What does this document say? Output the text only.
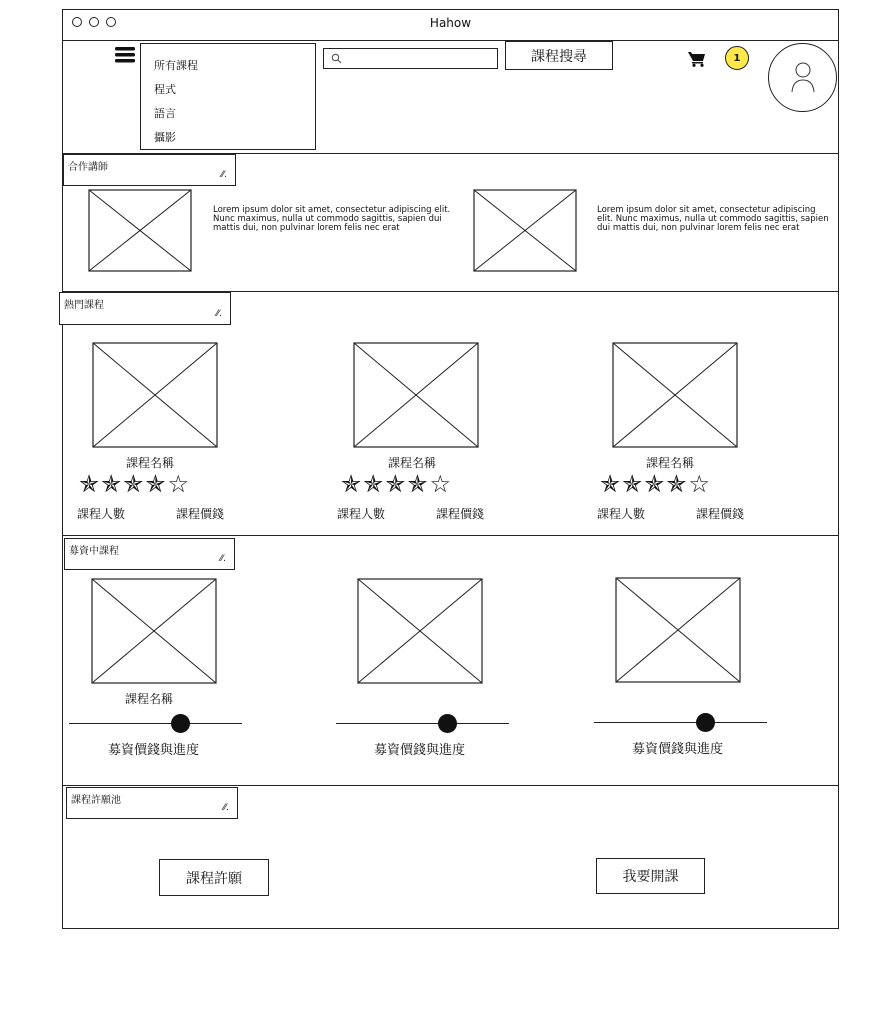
Hahow
所有課程
程式
語言
攝影
課程搜尋	1
合作講師
⁄⁄.
Lorem ipsum dolor sit amet, consectetur adipiscing elit. Nunc maximus, nulla ut commodo sagittis, sapien dui mattis dui, non pulvinar lorem felis nec erat
Lorem ipsum dolor sit amet, consectetur adipiscing elit. Nunc maximus, nulla ut commodo sagittis, sapien dui mattis dui, non pulvinar lorem felis nec erat
熱門課程
⁄⁄.
課程名稱
✯✯✯✯☆
課程人數	課程價錢
課程名稱
✯✯✯✯☆
課程人數	課程價錢
課程名稱
✯✯✯✯☆
課程人數	課程價錢
募資中課程
⁄⁄.
課程名稱
募資價錢與進度	募資價錢與進度	募資價錢與進度
課程許願池
⁄⁄.
課程許願	我要開課
